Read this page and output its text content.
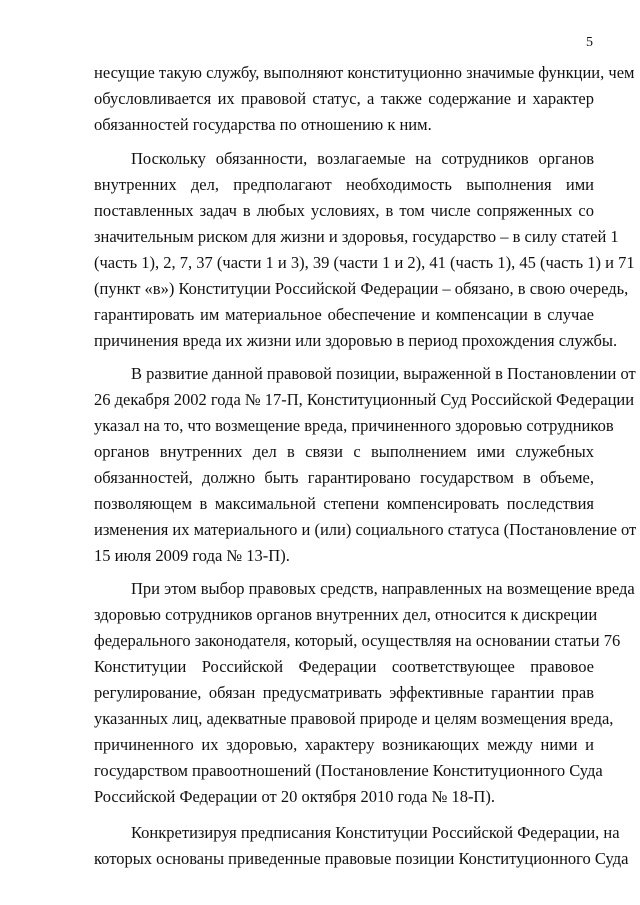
5
несущие такую службу, выполняют конституционно значимые функции, чем
обусловливается их правовой статус, а также содержание и характер
обязанностей государства по отношению к ним.
Поскольку обязанности, возлагаемые на сотрудников органов
внутренних дел, предполагают необходимость выполнения ими
поставленных задач в любых условиях, в том числе сопряженных со
значительным риском для жизни и здоровья, государство – в силу статей 1
(часть 1), 2, 7, 37 (части 1 и 3), 39 (части 1 и 2), 41 (часть 1), 45 (часть 1) и 71
(пункт «в») Конституции Российской Федерации – обязано, в свою очередь,
гарантировать им материальное обеспечение и компенсации в случае
причинения вреда их жизни или здоровью в период прохождения службы.
В развитие данной правовой позиции, выраженной в Постановлении от
26 декабря 2002 года № 17-П, Конституционный Суд Российской Федерации
указал на то, что возмещение вреда, причиненного здоровью сотрудников
органов внутренних дел в связи с выполнением ими служебных
обязанностей, должно быть гарантировано государством в объеме,
позволяющем в максимальной степени компенсировать последствия
изменения их материального и (или) социального статуса (Постановление от
15 июля 2009 года № 13-П).
При этом выбор правовых средств, направленных на возмещение вреда
здоровью сотрудников органов внутренних дел, относится к дискреции
федерального законодателя, который, осуществляя на основании статьи 76
Конституции Российской Федерации соответствующее правовое
регулирование, обязан предусматривать эффективные гарантии прав
указанных лиц, адекватные правовой природе и целям возмещения вреда,
причиненного их здоровью, характеру возникающих между ними и
государством правоотношений (Постановление Конституционного Суда
Российской Федерации от 20 октября 2010 года № 18-П).
Конкретизируя предписания Конституции Российской Федерации, на
которых основаны приведенные правовые позиции Конституционного Суда
